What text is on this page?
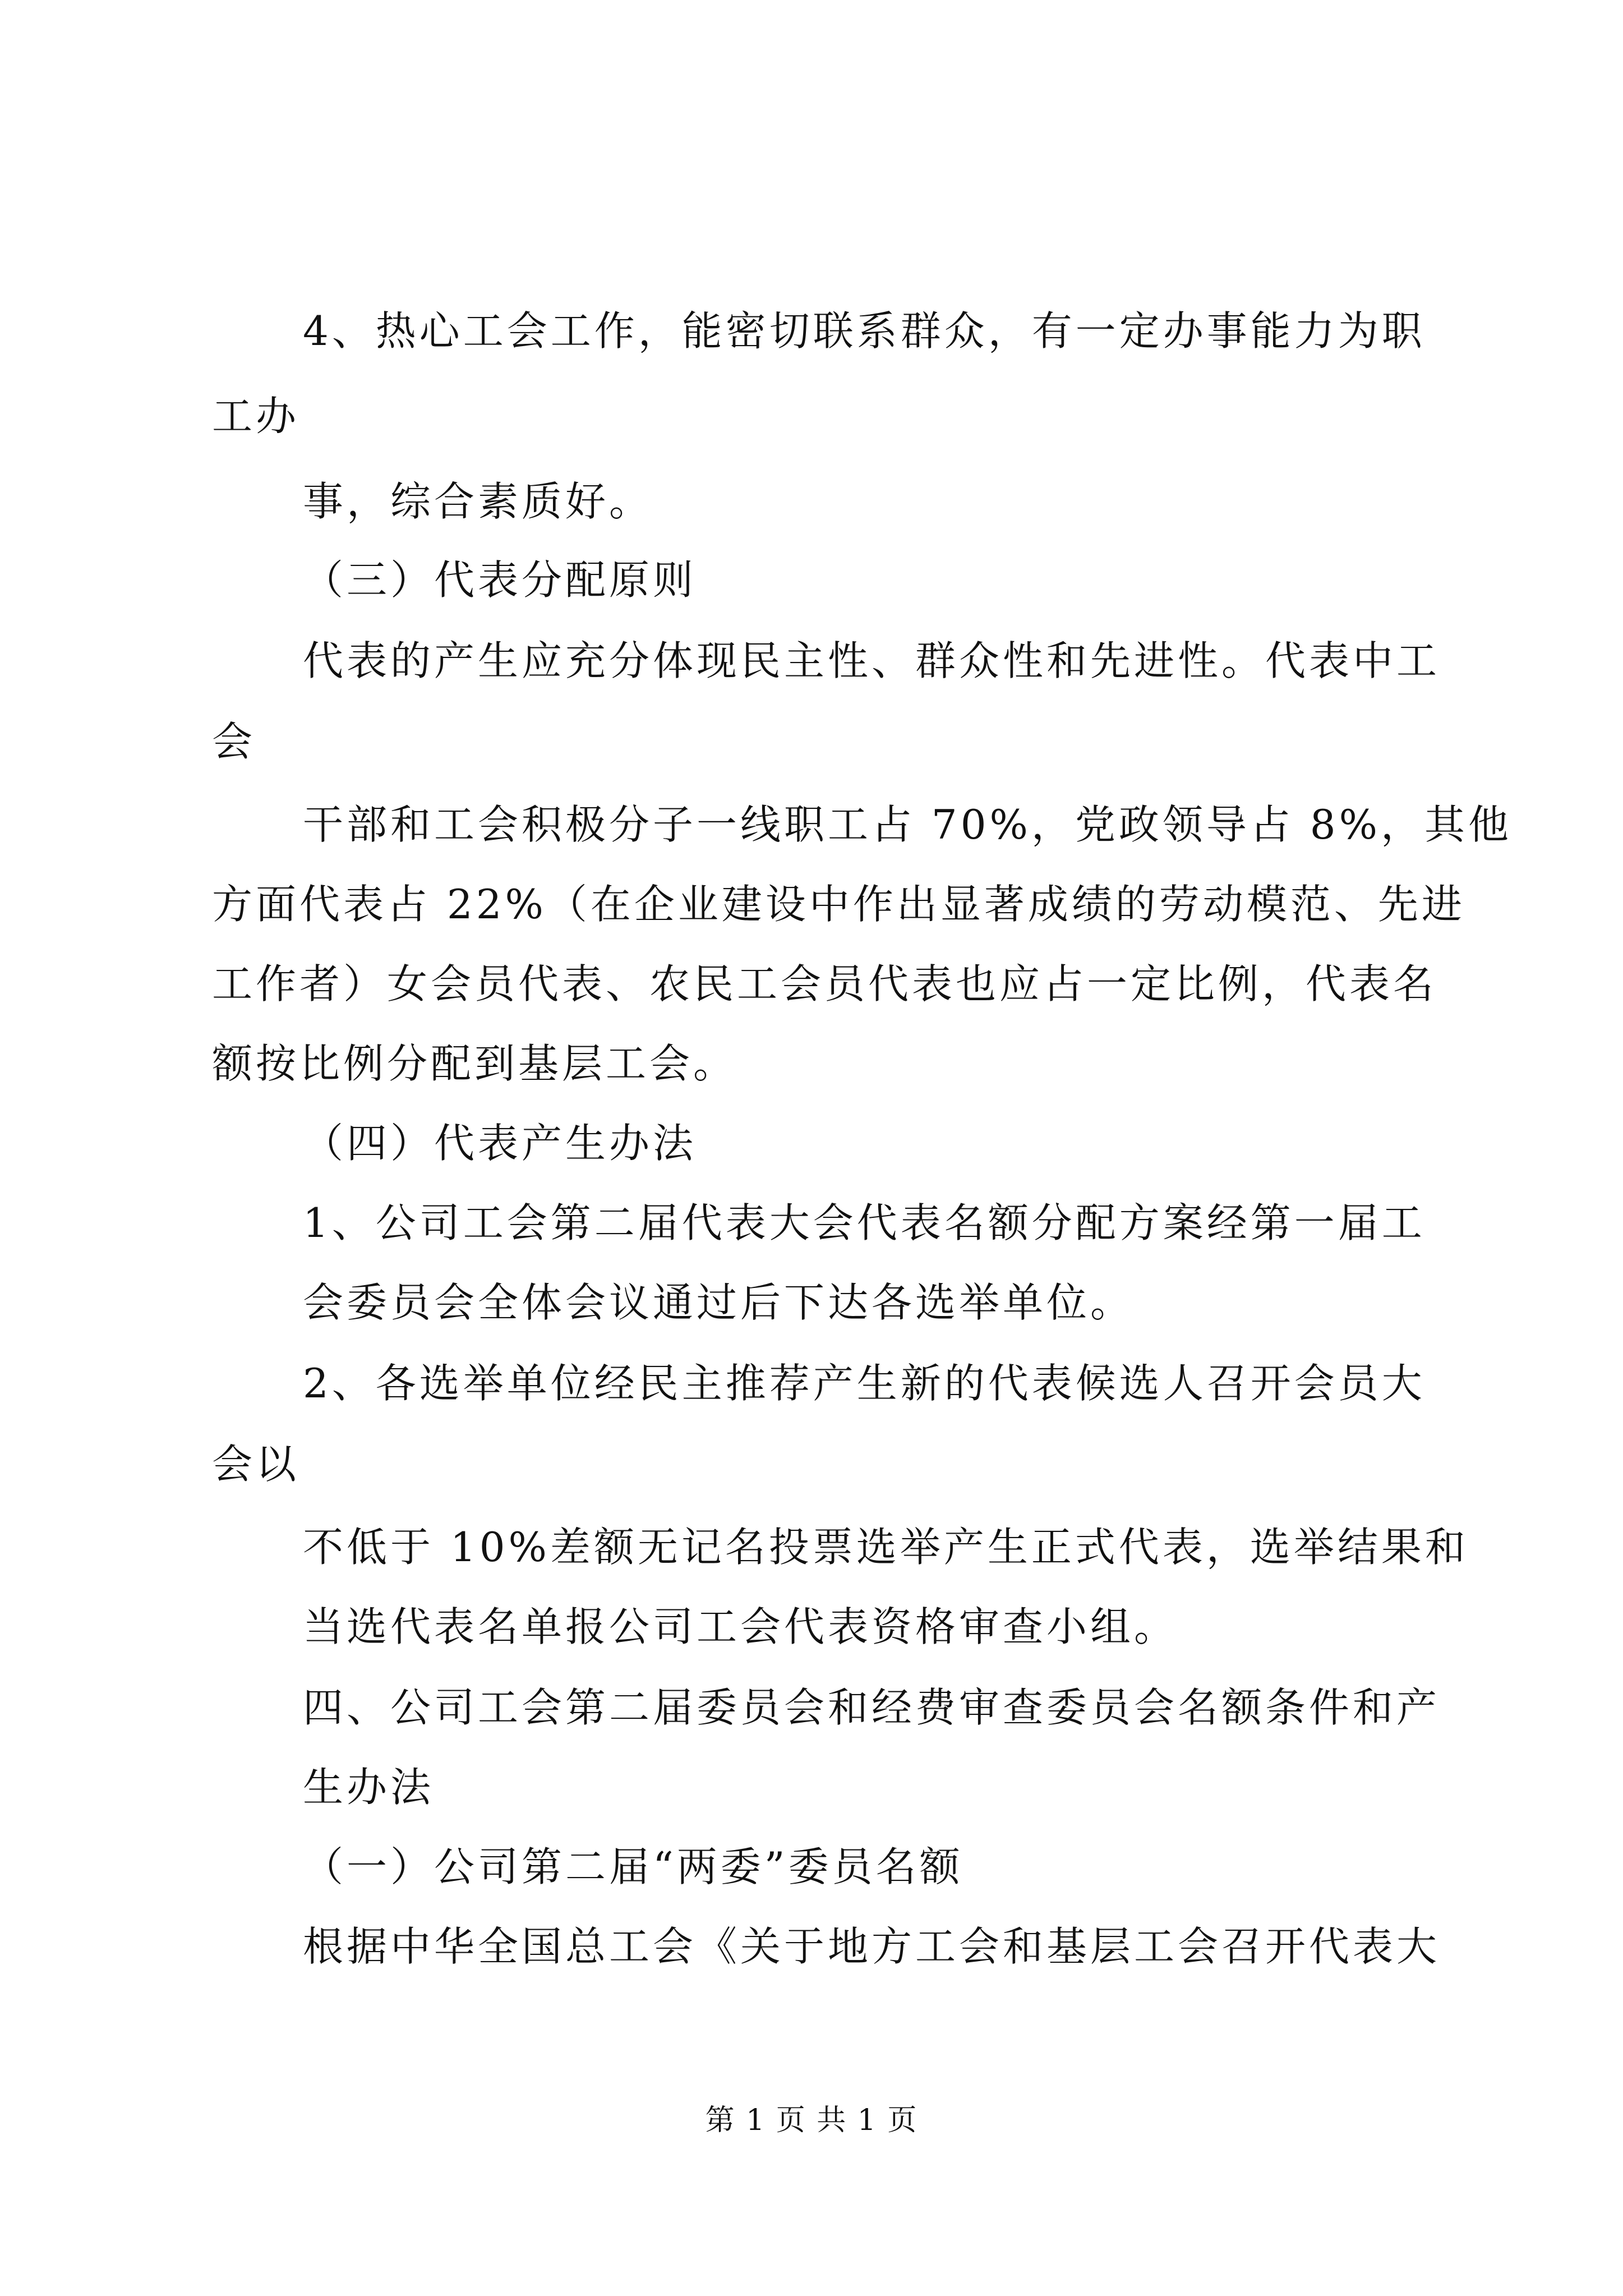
4、热心工会工作，能密切联系群众，有一定办事能力为职
工办
事，综合素质好。
（三）代表分配原则
代表的产生应充分体现民主性、群众性和先进性。代表中工
会
干部和工会积极分子一线职工占 70%，党政领导占 8%，其他
方面代表占 22%（在企业建设中作出显著成绩的劳动模范、先进
工作者）女会员代表、农民工会员代表也应占一定比例，代表名
额按比例分配到基层工会。
（四）代表产生办法
1、公司工会第二届代表大会代表名额分配方案经第一届工
会委员会全体会议通过后下达各选举单位。
2、各选举单位经民主推荐产生新的代表候选人召开会员大
会以
不低于 10%差额无记名投票选举产生正式代表，选举结果和
当选代表名单报公司工会代表资格审查小组。
四、公司工会第二届委员会和经费审查委员会名额条件和产
生办法
（一）公司第二届“两委”委员名额
根据中华全国总工会《关于地方工会和基层工会召开代表大
第 1 页 共 1 页
